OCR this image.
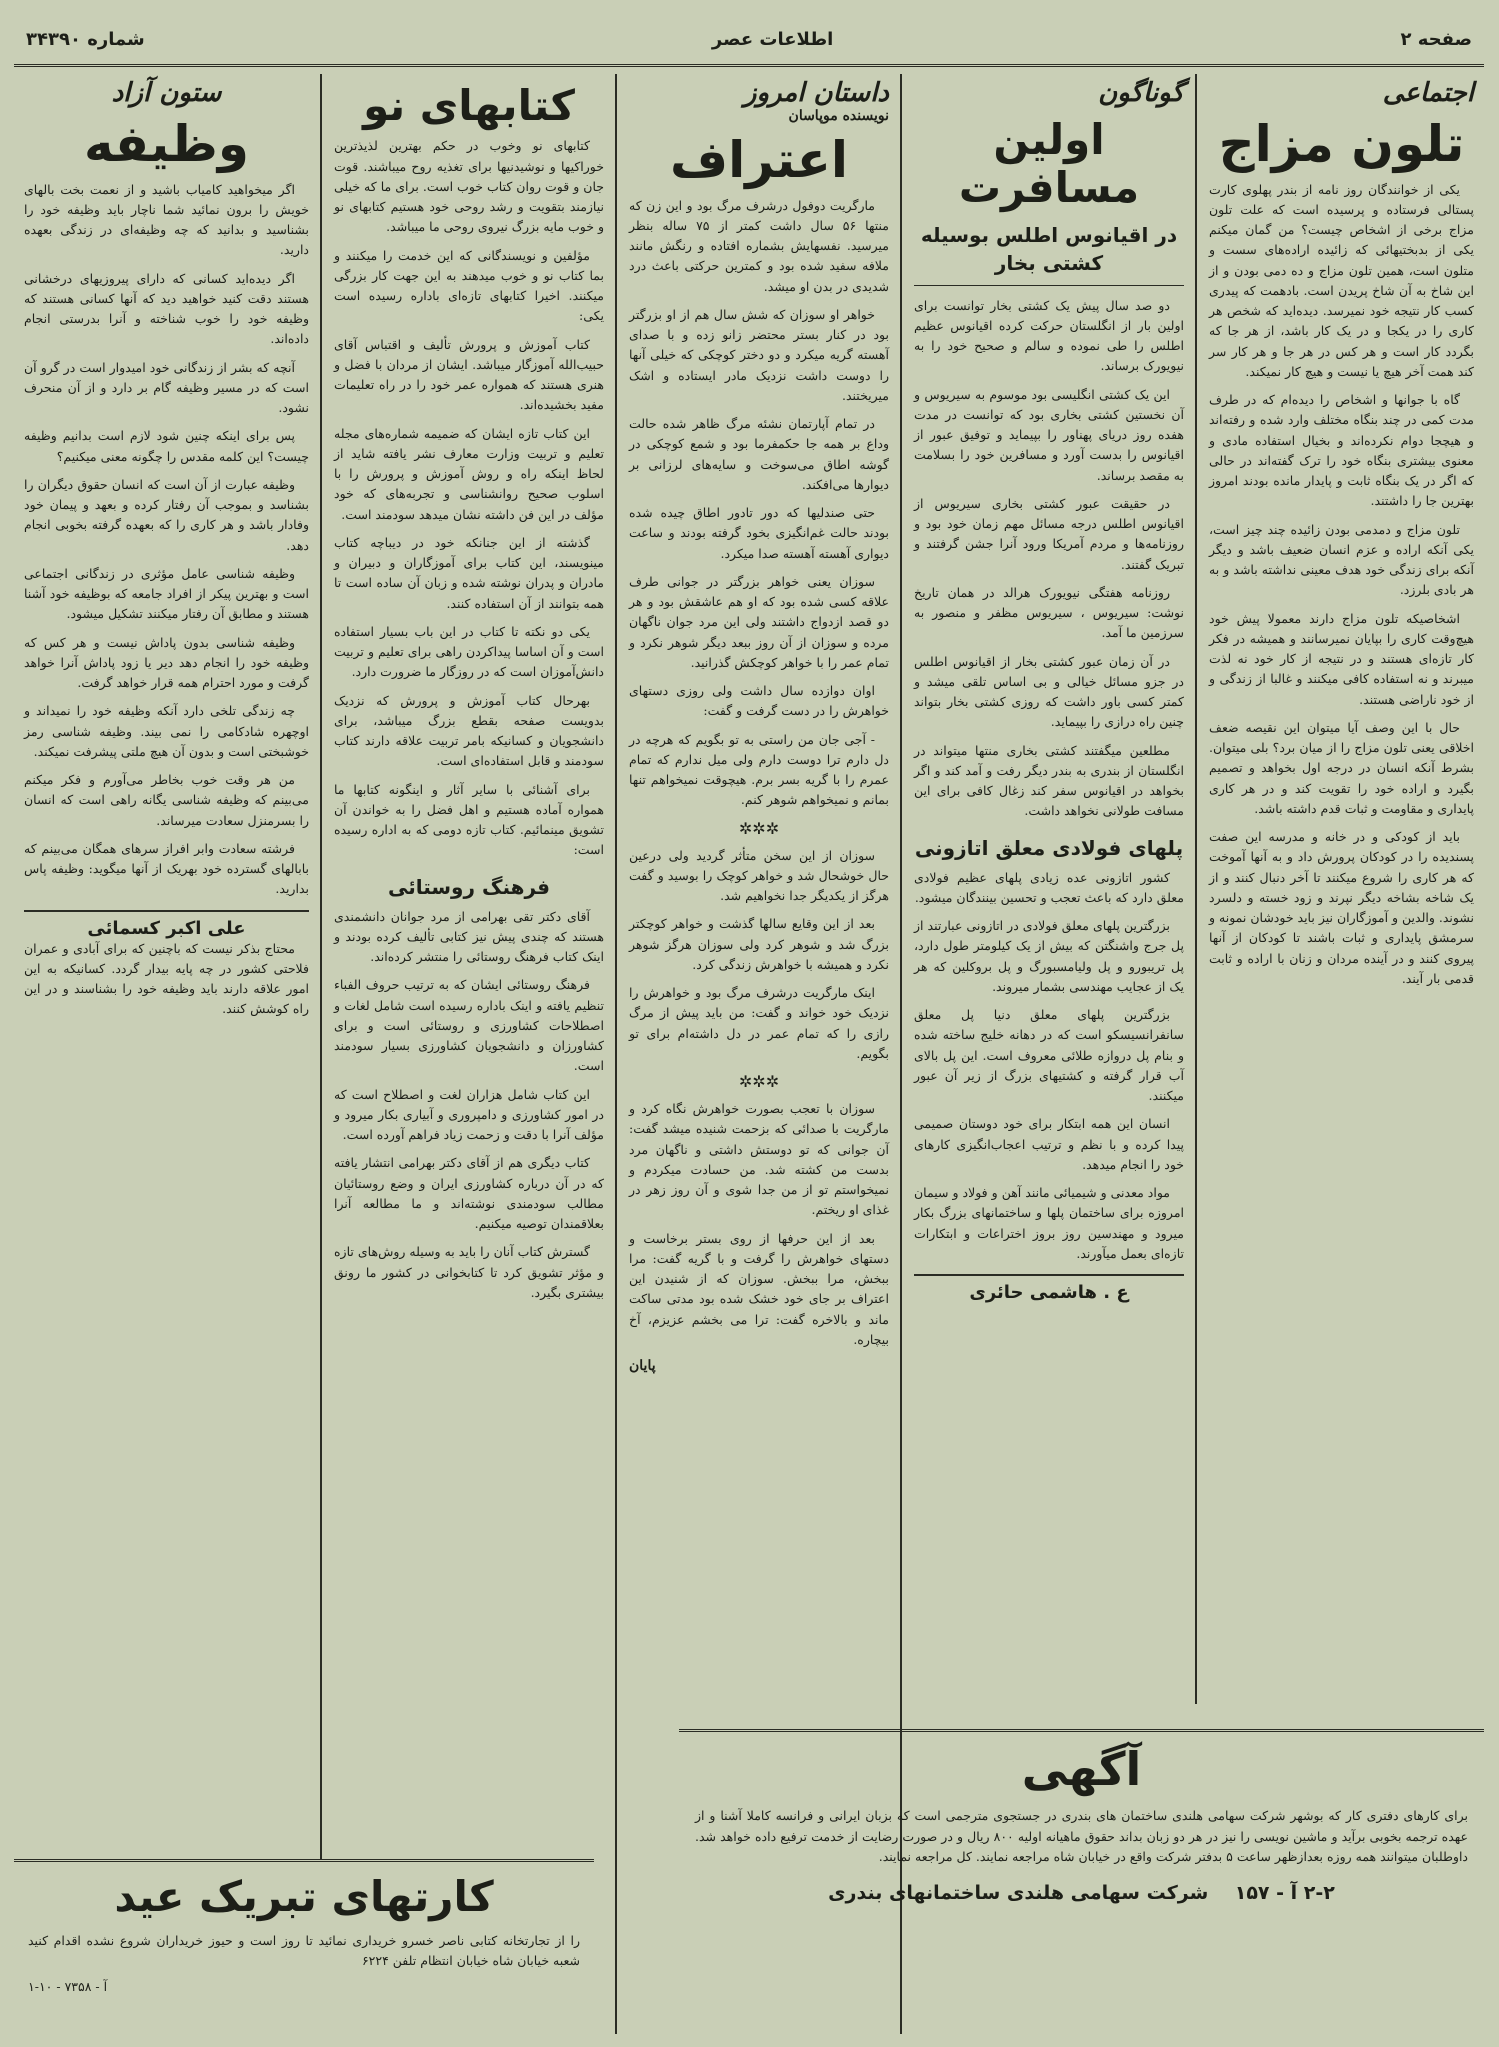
صفحه ۲
اطلاعات عصر
شماره ۳۴۳۹۰
اجتماعی
تلون مزاج

یکی از خوانندگان روز نامه از بندر پهلوی کارت پستالی فرستاده و پرسیده است که علت تلون مزاج برخی از اشخاص چیست؟ من گمان میکنم یکی از بدبختیهائی که زائیده اراده‌های سست و متلون است، همین تلون مزاج و ده دمی بودن و از این شاخ به آن شاخ پریدن است. بادهمت که پیدری کسب کار نتیجه خود نمیرسد. دیده‌اید که شخص هر کاری را در یکجا و در یک کار باشد، از هر جا که بگردد کار است و هر کس در هر جا و هر کار سر کند همت آخر هیچ یا نیست و هیچ کار نمیکند.

گاه با جوانها و اشخاص را دیده‌ام که در طرف مدت کمی در چند بنگاه مختلف وارد شده و رفته‌اند و هیچجا دوام نکرده‌اند و بخیال استفاده مادی و معنوی بیشتری بنگاه خود را ترک گفته‌اند در حالی که اگر در یک بنگاه ثابت و پایدار مانده بودند امروز بهترین جا را داشتند.

تلون مزاج و دمدمی بودن زائیده چند چیز است، یکی آنکه اراده و عزم انسان ضعیف باشد و دیگر آنکه برای زندگی خود هدف معینی نداشته باشد و به هر بادی بلرزد.

اشخاصیکه تلون مزاج دارند معمولا پیش خود هیچ‌وقت کاری را بپایان نمیرسانند و همیشه در فکر کار تازه‌ای هستند و در نتیجه از کار خود نه لذت میبرند و نه استفاده کافی میکنند و غالبا از زندگی و از خود ناراضی هستند.

حال با این وصف آیا میتوان این نقیصه ضعف اخلاقی یعنی تلون مزاج را از میان برد؟ بلی میتوان. بشرط آنکه انسان در درجه اول بخواهد و تصمیم بگیرد و اراده خود را تقویت کند و در هر کاری پایداری و مقاومت و ثبات قدم داشته باشد.

باید از کودکی و در خانه و مدرسه این صفت پسندیده را در کودکان پرورش داد و به آنها آموخت که هر کاری را شروع میکنند تا آخر دنبال کنند و از یک شاخه بشاخه دیگر نپرند و زود خسته و دلسرد نشوند. والدین و آموزگاران نیز باید خودشان نمونه و سرمشق پایداری و ثبات باشند تا کودکان از آنها پیروی کنند و در آینده مردان و زنان با اراده و ثابت قدمی بار آیند.

گوناگون
اولین مسافرت
در اقیانوس اطلس بوسیله کشتی بخار

دو صد سال پیش یک کشتی بخار توانست برای اولین بار از انگلستان حرکت کرده اقیانوس عظیم اطلس را طی نموده و سالم و صحیح خود را به نیویورک برساند.

این یک کشتی انگلیسی بود موسوم به سیریوس و آن نخستین کشتی بخاری بود که توانست در مدت هفده روز دریای پهناور را بپیماید و توفیق عبور از اقیانوس را بدست آورد و مسافرین خود را بسلامت به مقصد برساند.

در حقیقت عبور کشتی بخاری سیریوس از اقیانوس اطلس درجه مسائل مهم زمان خود بود و روزنامه‌ها و مردم آمریکا ورود آنرا جشن گرفتند و تبریک گفتند.

روزنامه هفتگی نیویورک هرالد در همان تاریخ نوشت: سیریوس ، سیریوس مظفر و منصور به سرزمین ما آمد.

در آن زمان عبور کشتی بخار از اقیانوس اطلس در جزو مسائل خیالی و بی اساس تلقی میشد و کمتر کسی باور داشت که روزی کشتی بخار بتواند چنین راه درازی را بپیماید.

مطلعین میگفتند کشتی بخاری منتها میتواند در انگلستان از بندری به بندر دیگر رفت و آمد کند و اگر بخواهد در اقیانوس سفر کند زغال کافی برای این مسافت طولانی نخواهد داشت.

پلهای فولادی معلق اتازونی

کشور اتازونی عده زیادی پلهای عظیم فولادی معلق دارد که باعث تعجب و تحسین بینندگان میشود.

بزرگترین پلهای معلق فولادی در اتازونی عبارتند از پل جرج واشنگتن که بیش از یک کیلومتر طول دارد، پل تریبورو و پل ولیامسبورگ و پل بروکلین که هر یک از عجایب مهندسی بشمار میروند.

بزرگترین پلهای معلق دنیا پل معلق سانفرانسیسکو است که در دهانه خلیج ساخته شده و بنام پل دروازه طلائی معروف است. این پل بالای آب قرار گرفته و کشتیهای بزرگ از زیر آن عبور میکنند.

انسان این همه ابتکار برای خود دوستان صمیمی پیدا کرده و با نظم و ترتیب اعجاب‌انگیزی کارهای خود را انجام میدهد.

مواد معدنی و شیمیائی مانند آهن و فولاد و سیمان امروزه برای ساختمان پلها و ساختمانهای بزرگ بکار میرود و مهندسین روز بروز اختراعات و ابتکارات تازه‌ای بعمل میآورند.

ع . هاشمی حائری
داستان امروز
نویسنده موپاسان
اعتراف

مارگریت دوفول درشرف مرگ بود و این زن که منتها ۵۶ سال داشت کمتر از ۷۵ ساله بنظر میرسید. نفسهایش بشماره افتاده و رنگش مانند ملافه سفید شده بود و کمترین حرکتی باعث درد شدیدی در بدن او میشد.

خواهر او سوزان که شش سال هم از او بزرگتر بود در کنار بستر محتضر زانو زده و با صدای آهسته گریه میکرد و دو دختر کوچکی که خیلی آنها را دوست داشت نزدیک مادر ایستاده و اشک میریختند.

در تمام آپارتمان نشئه مرگ ظاهر شده حالت وداع بر همه جا حکمفرما بود و شمع کوچکی در گوشه اطاق می‌سوخت و سایه‌های لرزانی بر دیوارها می‌افکند.

حتی صندلیها که دور تادور اطاق چیده شده بودند حالت غم‌انگیزی بخود گرفته بودند و ساعت دیواری آهسته آهسته صدا میکرد.

سوزان یعنی خواهر بزرگتر در جوانی طرف علاقه کسی شده بود که او هم عاشقش بود و هر دو قصد ازدواج داشتند ولی این مرد جوان ناگهان مرده و سوزان از آن روز ببعد دیگر شوهر نکرد و تمام عمر را با خواهر کوچکش گذرانید.

اوان دوازده سال داشت ولی روزی دستهای خواهرش را در دست گرفت و گفت:

- آجی جان من راستی به تو بگویم که هرچه در دل دارم ترا دوست دارم ولی میل ندارم که تمام عمرم را با گریه بسر برم. هیچوقت نمیخواهم تنها بمانم و نمیخواهم شوهر کنم.

✲✲✲

سوزان از این سخن متأثر گردید ولی درعین حال خوشحال شد و خواهر کوچک را بوسید و گفت هرگز از یکدیگر جدا نخواهیم شد.

بعد از این وقایع سالها گذشت و خواهر کوچکتر بزرگ شد و شوهر کرد ولی سوزان هرگز شوهر نکرد و همیشه با خواهرش زندگی کرد.

اینک مارگریت درشرف مرگ بود و خواهرش را نزدیک خود خواند و گفت: من باید پیش از مرگ رازی را که تمام عمر در دل داشته‌ام برای تو بگویم.

✲✲✲

سوزان با تعجب بصورت خواهرش نگاه کرد و مارگریت با صدائی که بزحمت شنیده میشد گفت: آن جوانی که تو دوستش داشتی و ناگهان مرد بدست من کشته شد. من حسادت میکردم و نمیخواستم تو از من جدا شوی و آن روز زهر در غذای او ریختم.

بعد از این حرفها از روی بستر برخاست و دستهای خواهرش را گرفت و با گریه گفت: مرا ببخش، مرا ببخش. سوزان که از شنیدن این اعتراف بر جای خود خشک شده بود مدتی ساکت ماند و بالاخره گفت: ترا می بخشم عزیزم، آخ بیچاره.

پایان
کتابهای نو

کتابهای نو وخوب در حکم بهترین لذیذترین خوراکیها و نوشیدنیها برای تغذیه روح میباشند. قوت جان و قوت روان کتاب خوب است. برای ما که خیلی نیازمند بتقویت و رشد روحی خود هستیم کتابهای نو و خوب مایه بزرگ نیروی روحی ما میباشد.

مؤلفین و نویسندگانی که این خدمت را میکنند و بما کتاب نو و خوب میدهند به این جهت کار بزرگی میکنند. اخیرا کتابهای تازه‌ای باداره رسیده است یکی:

کتاب آموزش و پرورش تألیف و اقتباس آقای حبیب‌الله آموزگار میباشد. ایشان از مردان با فضل و هنری هستند که همواره عمر خود را در راه تعلیمات مفید بخشیده‌اند.

این کتاب تازه ایشان که ضمیمه شماره‌های مجله تعلیم و تربیت وزارت معارف نشر یافته شاید از لحاظ اینکه راه و روش آموزش و پرورش را با اسلوب صحیح روانشناسی و تجربه‌های که خود مؤلف در این فن داشته نشان میدهد سودمند است.

گذشته از این جنانکه خود در دیباچه کتاب مینویسند، این کتاب برای آموزگاران و دبیران و مادران و پدران نوشته شده و زبان آن ساده است تا همه بتوانند از آن استفاده کنند.

یکی دو نکته تا کتاب در این باب بسیار استفاده است و آن اساسا پیداکردن راهی برای تعلیم و تربیت دانش‌آموزان است که در روزگار ما ضرورت دارد.

بهرحال کتاب آموزش و پرورش که نزدیک بدویست صفحه بقطع بزرگ میباشد، برای دانشجویان و کسانیکه بامر تربیت علاقه دارند کتاب سودمند و قابل استفاده‌ای است.

برای آشنائی با سایر آثار و اینگونه کتابها ما همواره آماده هستیم و اهل فضل را به خواندن آن تشویق مینمائیم. کتاب تازه دومی که به اداره رسیده است:

فرهنگ روستائی

آقای دکتر تقی بهرامی از مرد جوانان دانشمندی هستند که چندی پیش نیز کتابی تألیف کرده بودند و اینک کتاب فرهنگ روستائی را منتشر کرده‌اند.

فرهنگ روستائی ایشان که به ترتیب حروف الفباء تنظیم یافته و اینک باداره رسیده است شامل لغات و اصطلاحات کشاورزی و روستائی است و برای کشاورزان و دانشجویان کشاورزی بسیار سودمند است.

این کتاب شامل هزاران لغت و اصطلاح است که در امور کشاورزی و دامپروری و آبیاری بکار میرود و مؤلف آنرا با دقت و زحمت زیاد فراهم آورده است.

کتاب دیگری هم از آقای دکتر بهرامی انتشار یافته که در آن درباره کشاورزی ایران و وضع روستائیان مطالب سودمندی نوشته‌اند و ما مطالعه آنرا بعلاقمندان توصیه میکنیم.

گسترش کتاب آنان را باید به وسیله روش‌های تازه و مؤثر تشویق کرد تا کتابخوانی در کشور ما رونق بیشتری بگیرد.

ستون آزاد
وظیفه

اگر میخواهید کامیاب باشید و از نعمت بخت بالهای خویش را برون نمائید شما ناچار باید وظیفه خود را بشناسید و بدانید که چه وظیفه‌ای در زندگی بعهده دارید.

اگر دیده‌اید کسانی که دارای پیروزیهای درخشانی هستند دقت کنید خواهید دید که آنها کسانی هستند که وظیفه خود را خوب شناخته و آنرا بدرستی انجام داده‌اند.

آنچه که بشر از زندگانی خود امیدوار است در گرو آن است که در مسیر وظیفه گام بر دارد و از آن منحرف نشود.

پس برای اینکه چنین شود لازم است بدانیم وظیفه چیست؟ این کلمه مقدس را چگونه معنی میکنیم؟

وظیفه عبارت از آن است که انسان حقوق دیگران را بشناسد و بموجب آن رفتار کرده و بعهد و پیمان خود وفادار باشد و هر کاری را که بعهده گرفته بخوبی انجام دهد.

وظیفه شناسی عامل مؤثری در زندگانی اجتماعی است و بهترین پیکر از افراد جامعه که بوظیفه خود آشنا هستند و مطابق آن رفتار میکنند تشکیل میشود.

وظیفه شناسی بدون پاداش نیست و هر کس که وظیفه خود را انجام دهد دیر یا زود پاداش آنرا خواهد گرفت و مورد احترام همه قرار خواهد گرفت.

چه زندگی تلخی دارد آنکه وظیفه خود را نمیداند و اوچهره شادکامی را نمی بیند. وظیفه شناسی رمز خوشبختی است و بدون آن هیچ ملتی پیشرفت نمیکند.

من هر وقت خوب بخاطر می‌آورم و فکر میکنم می‌بینم که وظیفه شناسی یگانه راهی است که انسان را بسرمنزل سعادت میرساند.

فرشته سعادت وابر افراز سرهای همگان می‌بینم که بابالهای گسترده خود بهریک از آنها میگوید: وظیفه پاس بدارید.

علی اکبر کسمائی

محتاج بذکر نیست که باچنین که برای آبادی و عمران فلاحتی کشور در چه پایه بیدار گردد. کسانیکه به این امور علاقه دارند باید وظیفه خود را بشناسند و در این راه کوشش کنند.

آگهی
برای کارهای دفتری کار که بوشهر شرکت سهامی هلندی ساختمان های بندری در جستجوی مترجمی است که بزبان ایرانی و فرانسه کاملا آشنا و از عهده ترجمه بخوبی برآید و ماشین نویسی را نیز در هر دو زبان بداند حقوق ماهیانه اولیه ۸۰۰ ریال و در صورت رضایت از خدمت ترفیع داده خواهد شد. داوطلبان میتوانند همه روزه بعدازظهر ساعت ۵ بدفتر شرکت واقع در خیابان شاه مراجعه نمایند. کل مراجعه نمایند.
۲-۲ آ - ۱۵۷    شرکت سهامی هلندی ساختمانهای بندری
کارتهای تبریک عید
را از تجارتخانه کتابی ناصر خسرو خریداری نمائید تا روز است و حیوز خریداران شروع نشده اقدام کنید شعبه خیابان شاه خیابان انتظام تلفن ۶۲۲۴
آ - ۷۳۵۸ - ۱۰-۱
